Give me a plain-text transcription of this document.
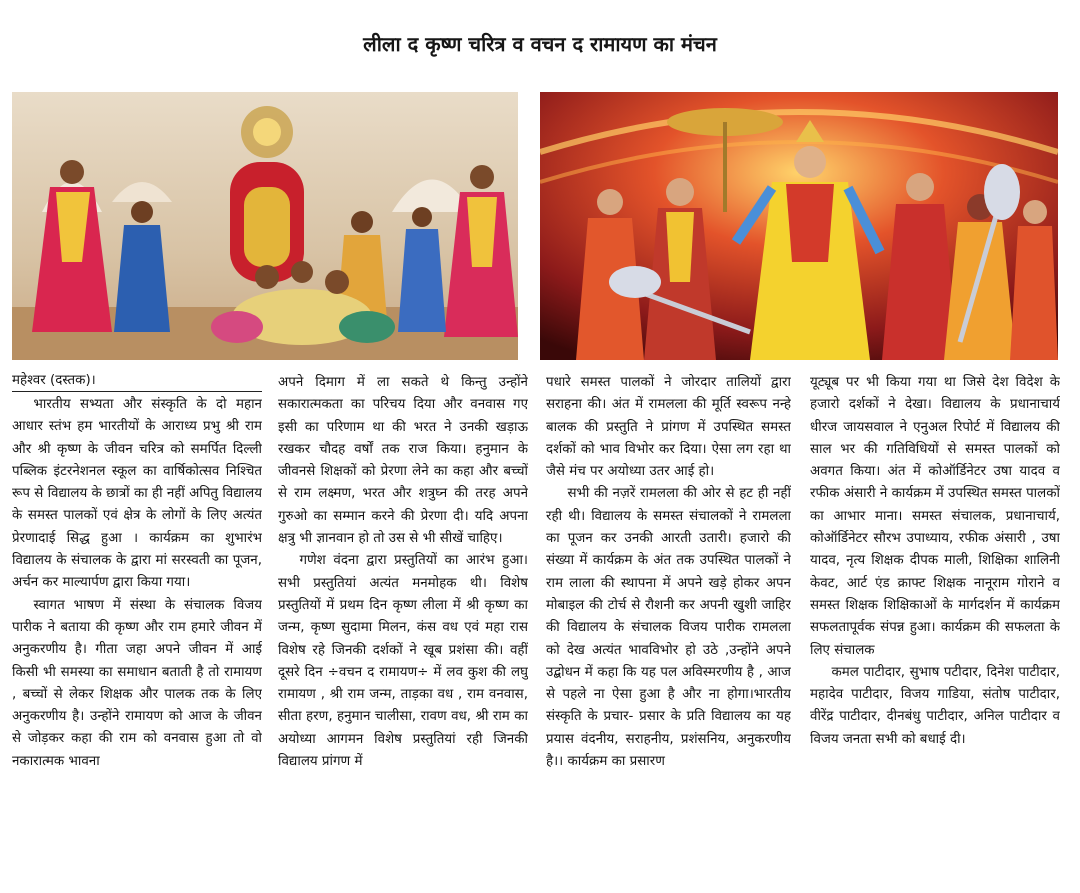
लीला द कृष्ण चरित्र व वचन द रामायण का मंचन
महेश्वर (दस्तक)।

भारतीय सभ्यता और संस्कृति के दो महान आधार स्तंभ हम भारतीयों के आराध्य प्रभु श्री राम और श्री कृष्ण के जीवन चरित्र को समर्पित दिल्ली पब्लिक इंटरनेशनल स्कूल का वार्षिकोत्सव निश्चित रूप से विद्यालय के छात्रों का ही नहीं अपितु विद्यालय के समस्त पालकों एवं क्षेत्र के लोगों के लिए अत्यंत प्रेरणादाई सिद्ध हुआ । कार्यक्रम का शुभारंभ विद्यालय के संचालक के द्वारा मां सरस्वती का पूजन, अर्चन कर माल्यार्पण द्वारा किया गया।

स्वागत भाषण में संस्था के संचालक विजय पारीक ने बताया की कृष्ण और राम हमारे जीवन में अनुकरणीय है। गीता जहा अपने जीवन में आई किसी भी समस्या का समाधान बताती है तो रामायण , बच्चों से लेकर शिक्षक और पालक तक के लिए अनुकरणीय है। उन्होंने रामायण को आज के जीवन से जोड़कर कहा की राम को वनवास हुआ तो वो नकारात्मक भावना

अपने दिमाग में ला सकते थे किन्तु उन्होंने सकारात्मकता का परिचय दिया और वनवास गए इसी का परिणाम था की भरत ने उनकी खड़ाऊ रखकर चौदह वर्षों तक राज किया। हनुमान के जीवनसे शिक्षकों को प्रेरणा लेने का कहा और बच्चों से राम लक्ष्मण, भरत और शत्रुघ्न की तरह अपने गुरुओ का सम्मान करने की प्रेरणा दी। यदि अपना क्षत्रु भी ज्ञानवान हो तो उस से भी सीखें चाहिए।

गणेश वंदना द्वारा प्रस्तुतियों का आरंभ हुआ। सभी प्रस्तुतियां अत्यंत मनमोहक थी। विशेष प्रस्तुतियों में प्रथम दिन कृष्ण लीला में श्री कृष्ण का जन्म, कृष्ण सुदामा मिलन, कंस वध एवं महा रास विशेष रहे जिनकी दर्शकों ने खूब प्रशंसा की। वहीं दूसरे दिन ÷वचन द रामायण÷ में लव कुश की लघु रामायण , श्री राम जन्म, ताड़का वध , राम वनवास, सीता हरण, हनुमान चालीसा, रावण वध, श्री राम का अयोध्या आगमन विशेष प्रस्तुतियां रही जिनकी विद्यालय प्रांगण में

पधारे समस्त पालकों ने जोरदार तालियों द्वारा सराहना की। अंत में रामलला की मूर्ति स्वरूप नन्हे बालक की प्रस्तुति ने प्रांगण में उपस्थित समस्त दर्शकों को भाव विभोर कर दिया। ऐसा लग रहा था जैसे मंच पर अयोध्या उतर आई हो।

सभी की नज़रें रामलला की ओर से हट ही नहीं रही थी। विद्यालय के समस्त संचालकों ने रामलला का पूजन कर उनकी आरती उतारी। हजारो की संख्या में कार्यक्रम के अंत तक उपस्थित पालकों ने राम लाला की स्थापना में अपने खड़े होकर अपन मोबाइल की टोर्च से रौशनी कर अपनी खुशी जाहिर की विद्यालय के संचालक विजय पारीक रामलला को देख अत्यंत भावविभोर हो उठे ,उन्होंने अपने उद्बोधन में कहा कि यह पल अविस्मरणीय है , आज से पहले ना ऐसा हुआ है और ना होगा।भारतीय संस्कृति के प्रचार- प्रसार के प्रति विद्यालय का यह प्रयास वंदनीय, सराहनीय, प्रशंसनिय, अनुकरणीय है।। कार्यक्रम का प्रसारण

यूट्यूब पर भी किया गया था जिसे देश विदेश के हजारो दर्शकों ने देखा। विद्यालय के प्रधानाचार्य धीरज जायसवाल ने एनुअल रिपोर्ट में विद्यालय की साल भर की गतिविधियों से समस्त पालकों को अवगत किया। अंत में कोऑर्डिनेटर उषा यादव व रफीक अंसारी ने कार्यक्रम में उपस्थित समस्त पालकों का आभार माना। समस्त संचालक, प्रधानाचार्य, कोऑर्डिनेटर सौरभ उपाध्याय, रफीक अंसारी , उषा यादव, नृत्य शिक्षक दीपक माली, शिक्षिका शालिनी केवट, आर्ट एंड क्राफ्ट शिक्षक नानूराम गोराने व समस्त शिक्षक शिक्षिकाओं के मार्गदर्शन में कार्यक्रम सफलतापूर्वक संपन्न हुआ। कार्यक्रम की सफलता के लिए संचालक

कमल पाटीदार, सुभाष पटीदार, दिनेश पाटीदार, महादेव पाटीदार, विजय गाडिया, संतोष पाटीदार, वीरेंद्र पाटीदार, दीनबंधु पाटीदार, अनिल पाटीदार व विजय जनता सभी को बधाई दी।
